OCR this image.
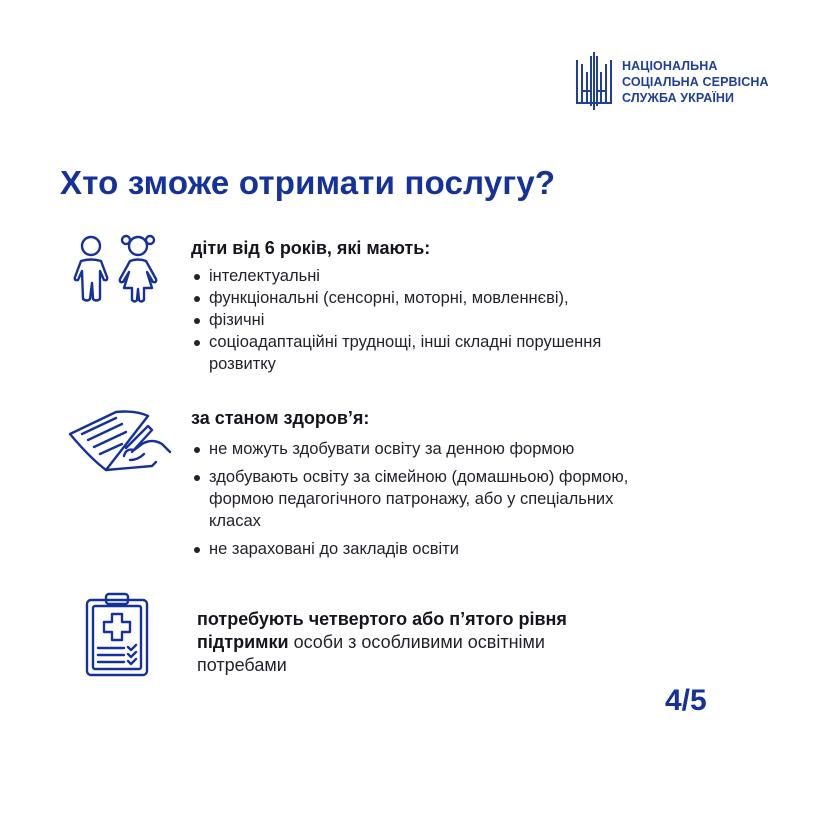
НАЦІОНАЛЬНА
СОЦІАЛЬНА СЕРВІСНА
СЛУЖБА УКРАЇНИ
Хто зможе отримати послугу?

діти від 6 років, які мають:

інтелектуальні
функціональні (сенсорні, моторні, мовленнєві),
фізичні
соціоадаптаційні труднощі, інші складні порушення розвитку

за станом здоров’я:

не можуть здобувати освіту за денною формою
здобувають освіту за сімейною (домашньою) формою, формою педагогічного патронажу, або у спеціальних класах
не зараховані до закладів освіти
потребують четвертого або п’ятого рівня підтримки особи з особливими освітніми потребами
4/5
